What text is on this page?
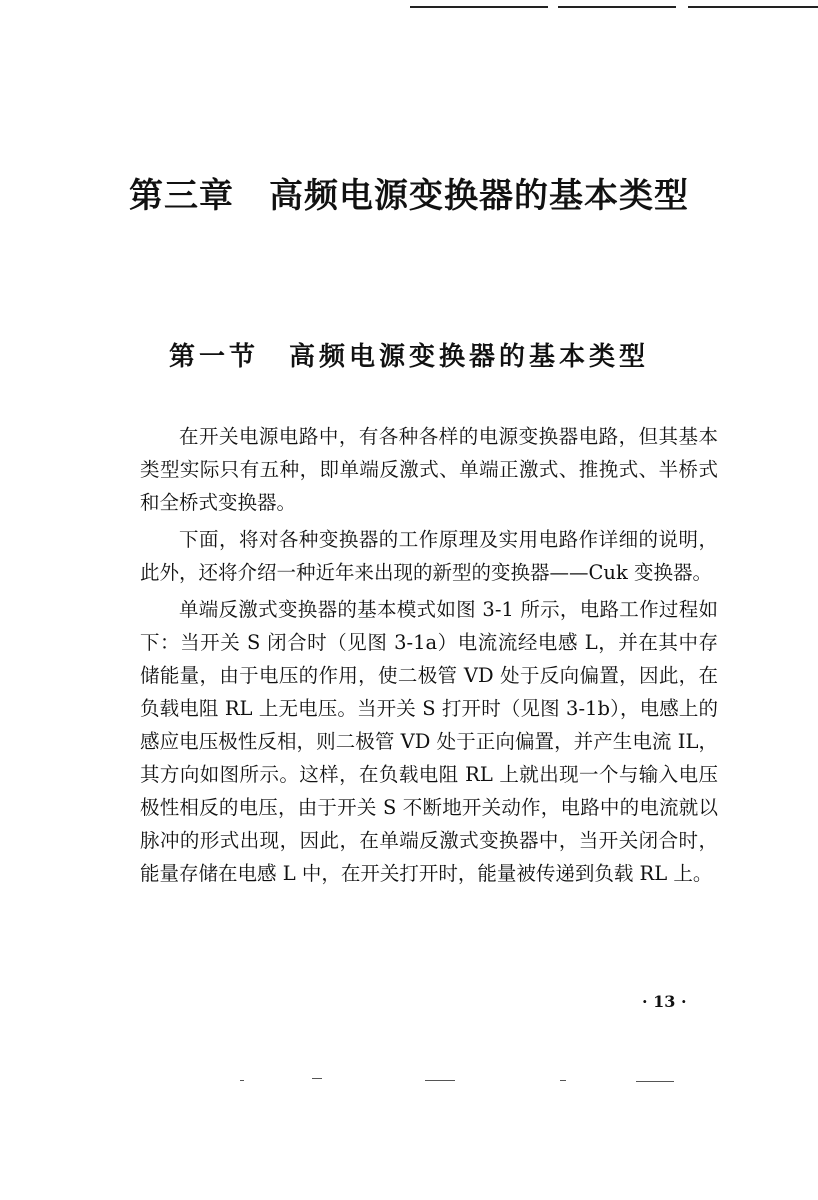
第三章　高频电源变换器的基本类型
第一节　高频电源变换器的基本类型

在开关电源电路中，有各种各样的电源变换器电路，但其基本类型实际只有五种，即单端反激式、单端正激式、推挽式、半桥式和全桥式变换器。

下面，将对各种变换器的工作原理及实用电路作详细的说明，此外，还将介绍一种近年来出现的新型的变换器——Cuk 变换器。

单端反激式变换器的基本模式如图 3-1 所示，电路工作过程如下：当开关 S 闭合时（见图 3-1a）电流流经电感 L，并在其中存储能量，由于电压的作用，使二极管 VD 处于反向偏置，因此，在负载电阻 RL 上无电压。当开关 S 打开时（见图 3-1b），电感上的感应电压极性反相，则二极管 VD 处于正向偏置，并产生电流 IL，其方向如图所示。这样，在负载电阻 RL 上就出现一个与输入电压极性相反的电压，由于开关 S 不断地开关动作，电路中的电流就以脉冲的形式出现，因此，在单端反激式变换器中，当开关闭合时，能量存储在电感 L 中，在开关打开时，能量被传递到负载 RL 上。

· 13 ·
